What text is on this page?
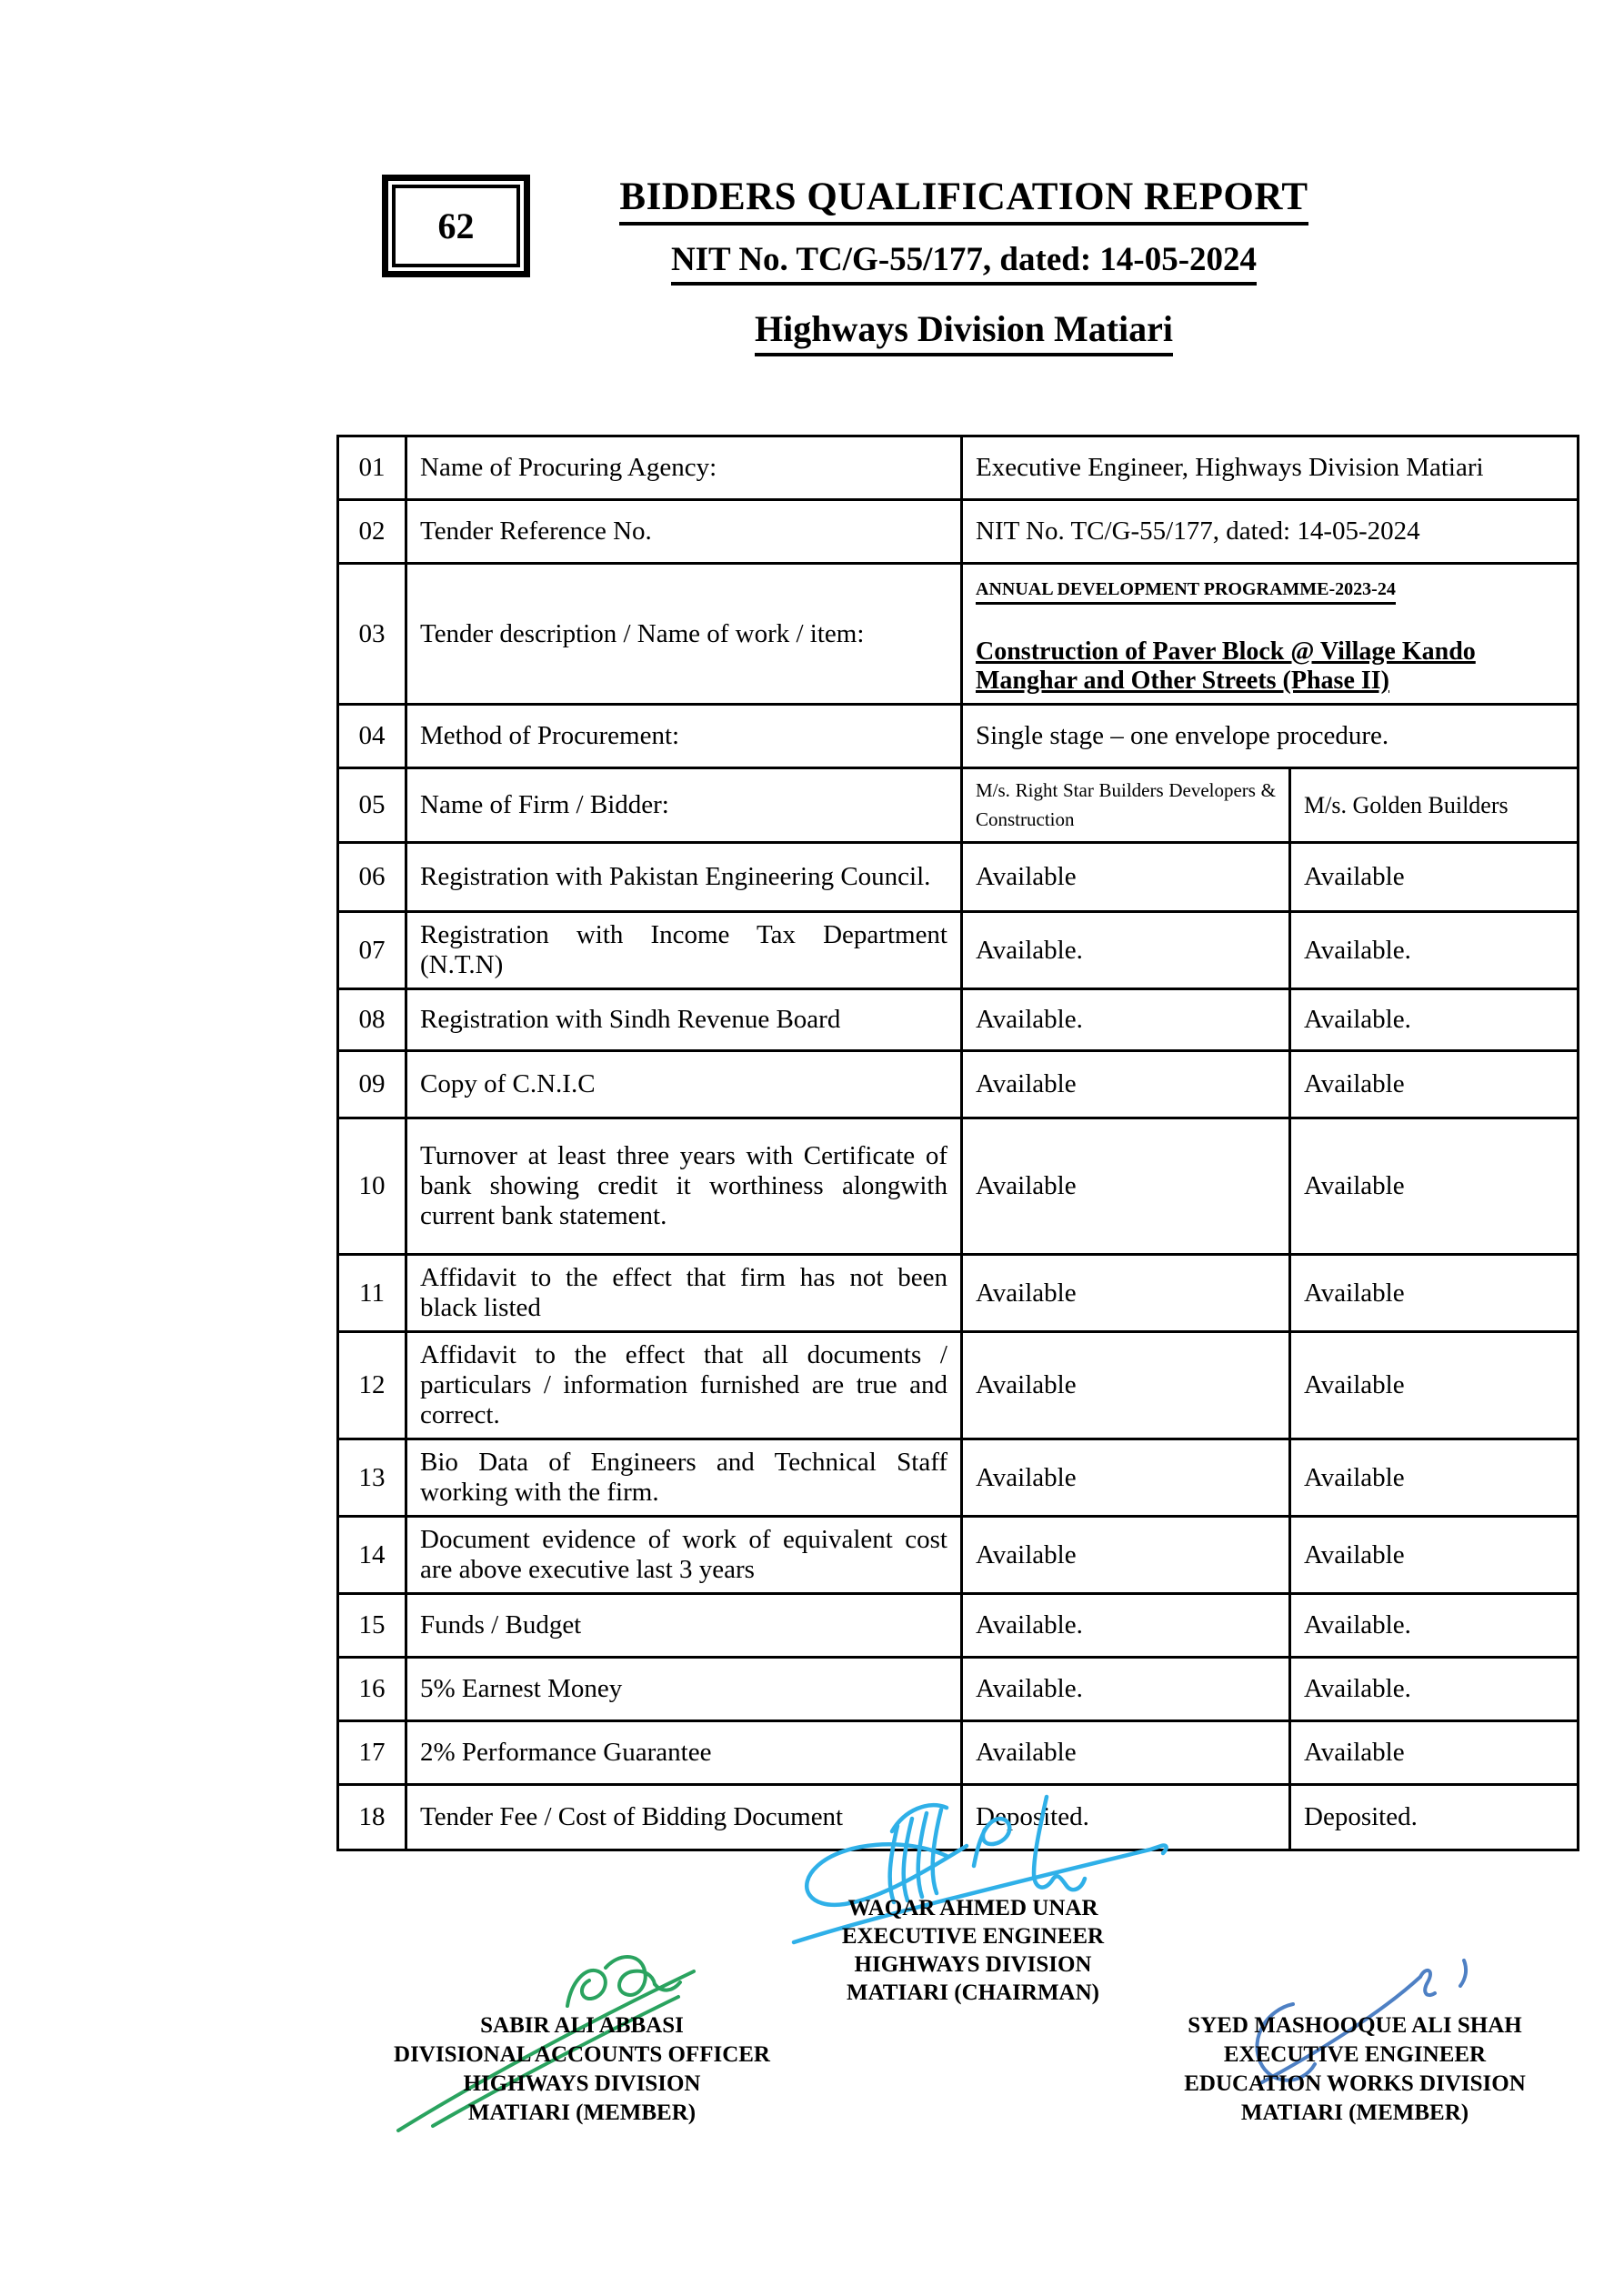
62
BIDDERS QUALIFICATION REPORT
NIT No. TC/G-55/177, dated: 14-05-2024
Highways Division Matiari
01	Name of Procuring Agency:	Executive Engineer, Highways Division Matiari	
02	Tender Reference No.	NIT No. TC/G-55/177, dated: 14-05-2024	
03	Tender description / Name of work / item:	ANNUAL DEVELOPMENT PROGRAMME-2023-24
Construction of Paver Block @ Village Kando Manghar and Other Streets (Phase II)	

04	Method of Procurement:	Single stage – one envelope procedure.	
05	Name of Firm / Bidder:	M/s. Right Star Builders Developers & Construction	M/s. Golden Builders
06	Registration with Pakistan Engineering Council.	Available	Available
07	Registration with Income Tax Department (N.T.N)	Available.	Available.
08	Registration with Sindh Revenue Board	Available.	Available.
09	Copy of C.N.I.C	Available	Available
10	Turnover at least three years with Certificate of bank showing credit it worthiness alongwith current bank statement.	Available	Available
11	Affidavit to the effect that firm has not been black listed	Available	Available
12	Affidavit to the effect that all documents / particulars / information furnished are true and correct.	Available	Available
13	Bio Data of Engineers and Technical Staff working with the firm.	Available	Available
14	Document evidence of work of equivalent cost are above executive last 3 years	Available	Available
15	Funds / Budget	Available.	Available.
16	5% Earnest Money	Available.	Available.
17	2% Performance Guarantee	Available	Available
18	Tender Fee / Cost of Bidding Document	Deposited.	Deposited.
WAQAR AHMED UNAR
EXECUTIVE ENGINEER
HIGHWAYS DIVISION
MATIARI (CHAIRMAN)
SABIR ALI ABBASI
DIVISIONAL ACCOUNTS OFFICER
HIGHWAYS DIVISION
MATIARI (MEMBER)
SYED MASHOOQUE ALI SHAH
EXECUTIVE ENGINEER
EDUCATION WORKS DIVISION
MATIARI (MEMBER)
